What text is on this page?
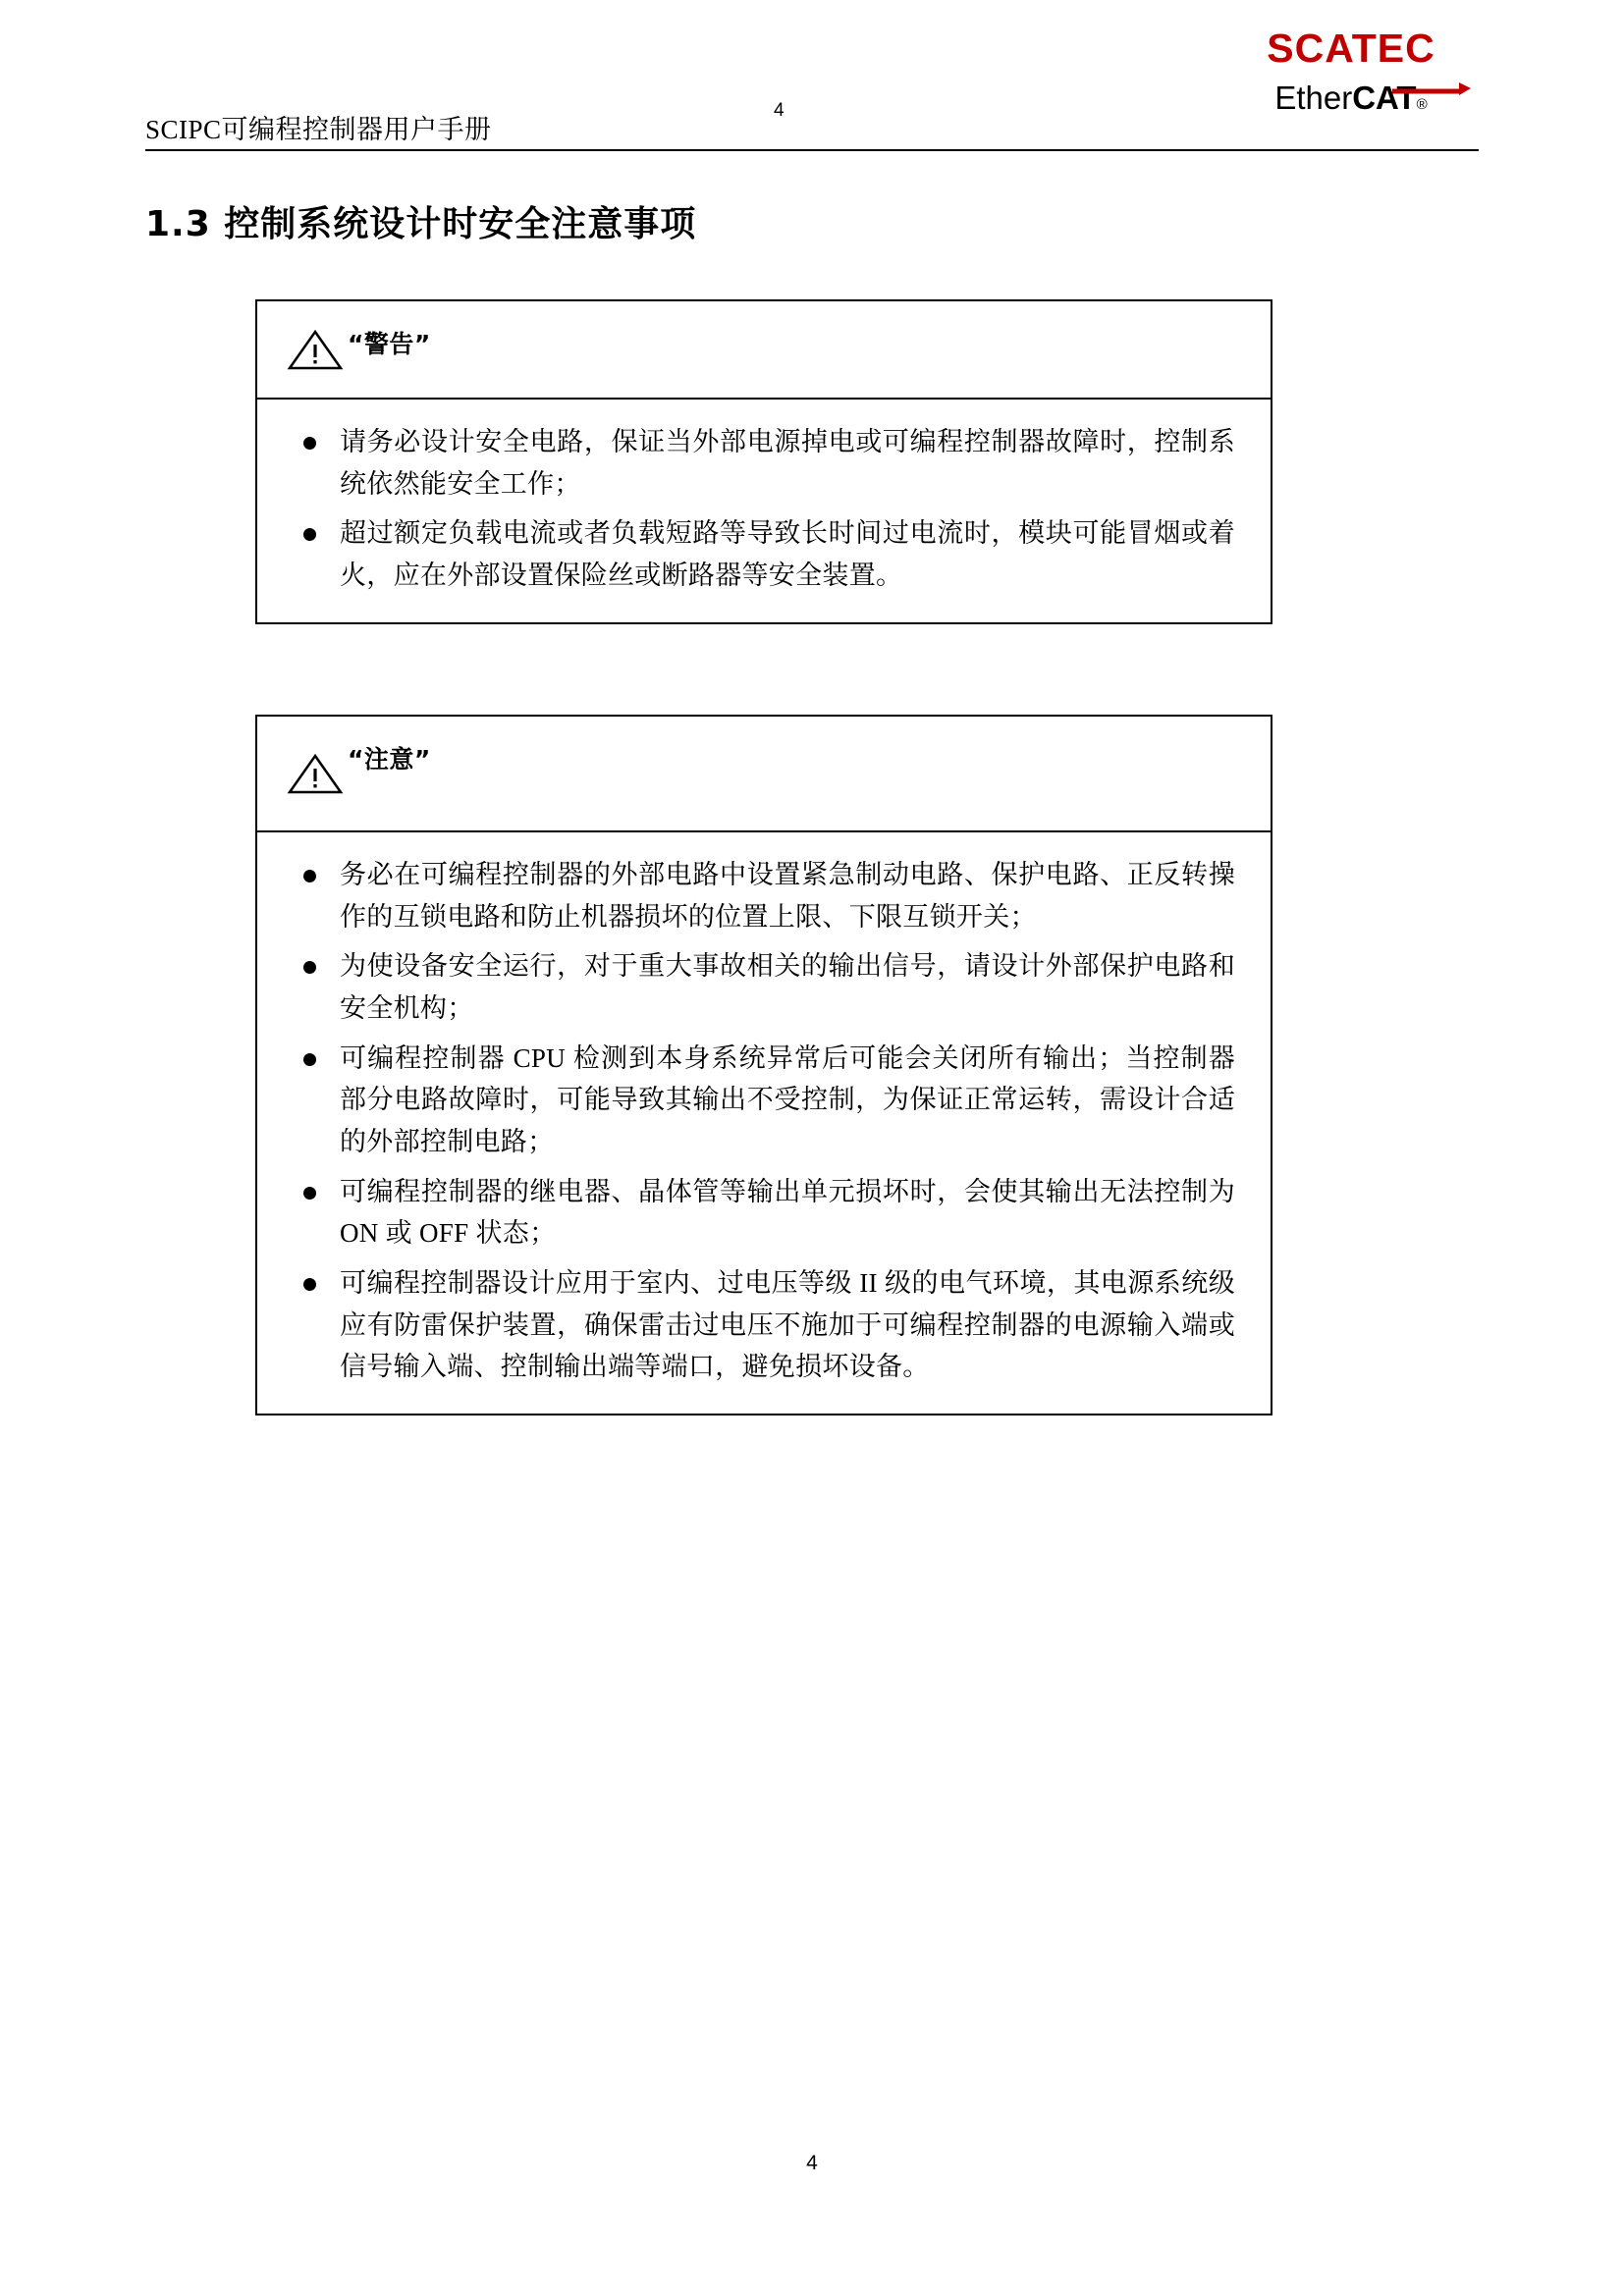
SCATEC
EtherCAT®
SCIPC可编程控制器用户手册
4
1.3 控制系统设计时安全注意事项
“警告”
请务必设计安全电路，保证当外部电源掉电或可编程控制器故障时，控制系统依然能安全工作；
超过额定负载电流或者负载短路等导致长时间过电流时，模块可能冒烟或着火，应在外部设置保险丝或断路器等安全装置。
“注意”
务必在可编程控制器的外部电路中设置紧急制动电路、保护电路、正反转操作的互锁电路和防止机器损坏的位置上限、下限互锁开关；
为使设备安全运行，对于重大事故相关的输出信号，请设计外部保护电路和安全机构；
可编程控制器 CPU 检测到本身系统异常后可能会关闭所有输出；当控制器部分电路故障时，可能导致其输出不受控制，为保证正常运转，需设计合适的外部控制电路；
可编程控制器的继电器、晶体管等输出单元损坏时，会使其输出无法控制为 ON 或 OFF 状态；
可编程控制器设计应用于室内、过电压等级 II 级的电气环境，其电源系统级应有防雷保护装置，确保雷击过电压不施加于可编程控制器的电源输入端或信号输入端、控制输出端等端口，避免损坏设备。
4
